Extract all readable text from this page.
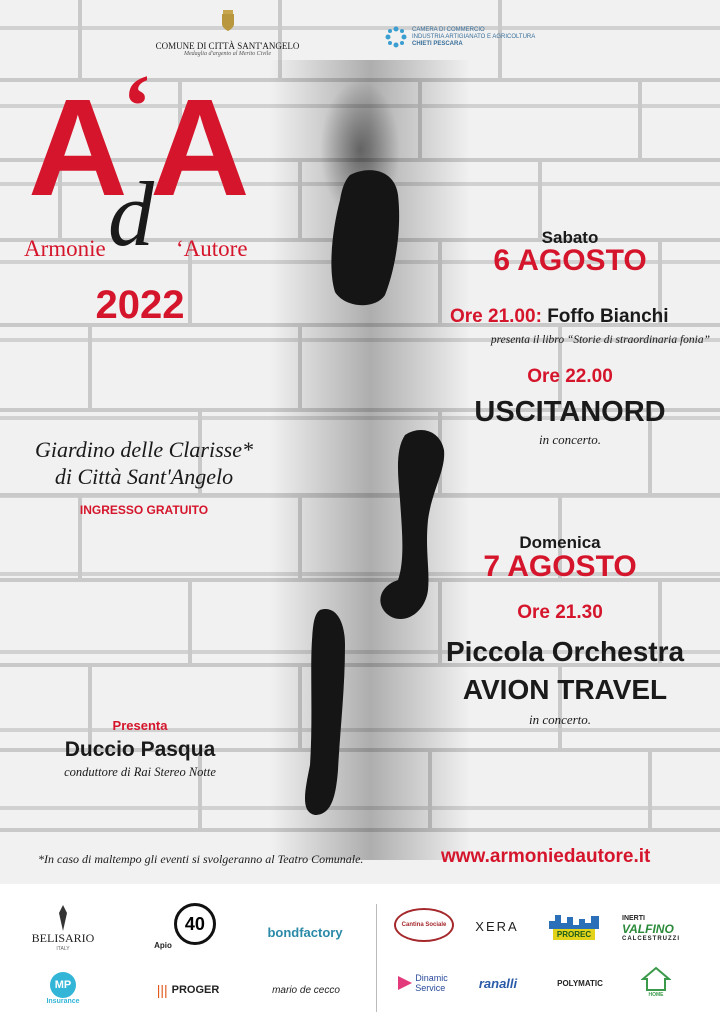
COMUNE DI CITTÀ SANT'ANGELO
Medaglia d'argento al Merito Civile
CAMERA DI COMMERCIO
INDUSTRIA ARTIGIANATO E AGRICOLTURA
CHIETI PESCARA
A
‘
A
d
Armonie	‘Autore
2022
Giardino delle Clarisse*
di Città Sant'Angelo
INGRESSO GRATUITO
Sabato
6 AGOSTO
Ore 21.00: Foffo Bianchi
presenta il libro “Storie di straordinaria fonia”
Ore 22.00
USCITANORD
in concerto.
Domenica
7 AGOSTO
Ore 21.30
Piccola Orchestra
AVION TRAVEL
in concerto.
Presenta
Duccio Pasqua
conduttore di Rai Stereo Notte
*In caso di maltempo gli eventi si svolgeranno al Teatro Comunale.	www.armoniedautore.it
BELISARIO
ITALY	Apio
40	bondfactory
MP
Insurance
||| PROGER	mario de cecco
Cantina Sociale XERA
PROREC
INERTI
VALFINO
CALCESTRUZZI
Dinamic
Service	ranalli	POLYMATIC
HOME
